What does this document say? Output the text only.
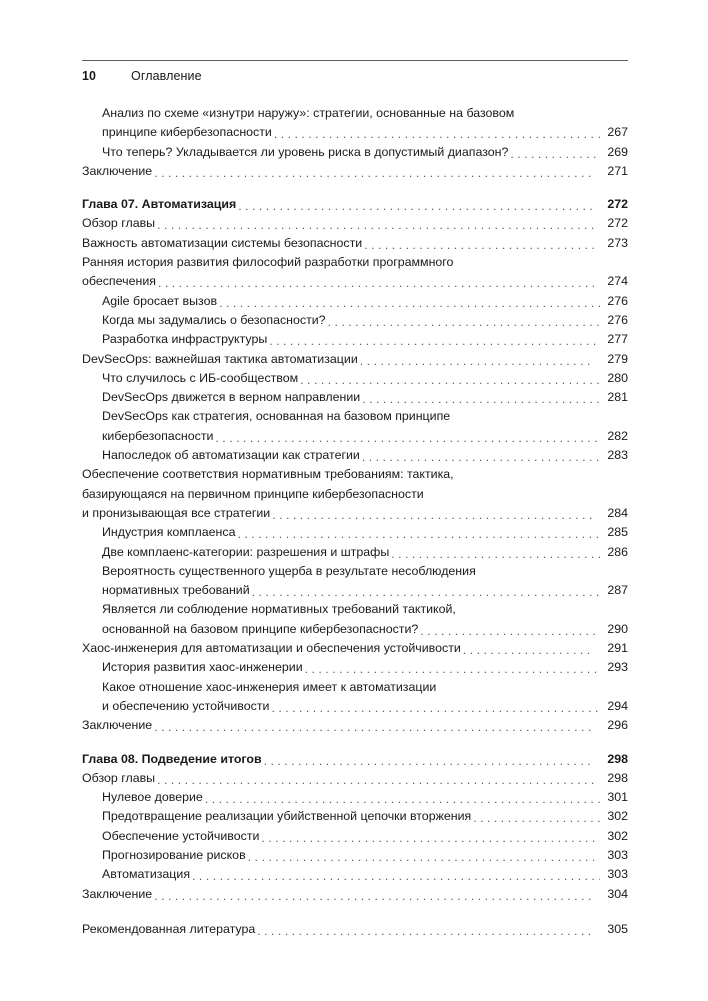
10	Оглавление
Анализ по схеме «изнутри наружу»: стратегии, основанные на базовом
принципе кибербезопасности . . .	267
Что теперь? Укладывается ли уровень риска в допустимый диапазон? . . .	269
Заключение . . .	271
Глава 07. Автоматизация . . .	272
Обзор главы . . .	272
Важность автоматизации системы безопасности . . .	273
Ранняя история развития философий разработки программного
обеспечения . . .	274
Agile бросает вызов . . .	276
Когда мы задумались о безопасности? . . .	276
Разработка инфраструктуры . . .	277
DevSecOps: важнейшая тактика автоматизации . . .	279
Что случилось с ИБ-сообществом . . .	280
DevSecOps движется в верном направлении . . .	281
DevSecOps как стратегия, основанная на базовом принципе
кибербезопасности . . .	282
Напоследок об автоматизации как стратегии . . .	283
Обеспечение соответствия нормативным требованиям: тактика,
базирующаяся на первичном принципе кибербезопасности
и пронизывающая все стратегии . . .	284
Индустрия комплаенса . . .	285
Две комплаенс-категории: разрешения и штрафы . . .	286
Вероятность существенного ущерба в результате несоблюдения
нормативных требований . . .	287
Является ли соблюдение нормативных требований тактикой,
основанной на базовом принципе кибербезопасности? . . .	290
Хаос-инженерия для автоматизации и обеспечения устойчивости . . .	291
История развития хаос-инженерии . . .	293
Какое отношение хаос-инженерия имеет к автоматизации
и обеспечению устойчивости . . .	294
Заключение . . .	296
Глава 08. Подведение итогов . . .	298
Обзор главы . . .	298
Нулевое доверие . . .	301
Предотвращение реализации убийственной цепочки вторжения . . .	302
Обеспечение устойчивости . . .	302
Прогнозирование рисков . . .	303
Автоматизация . . .	303
Заключение . . .	304
Рекомендованная литература . . .	305
